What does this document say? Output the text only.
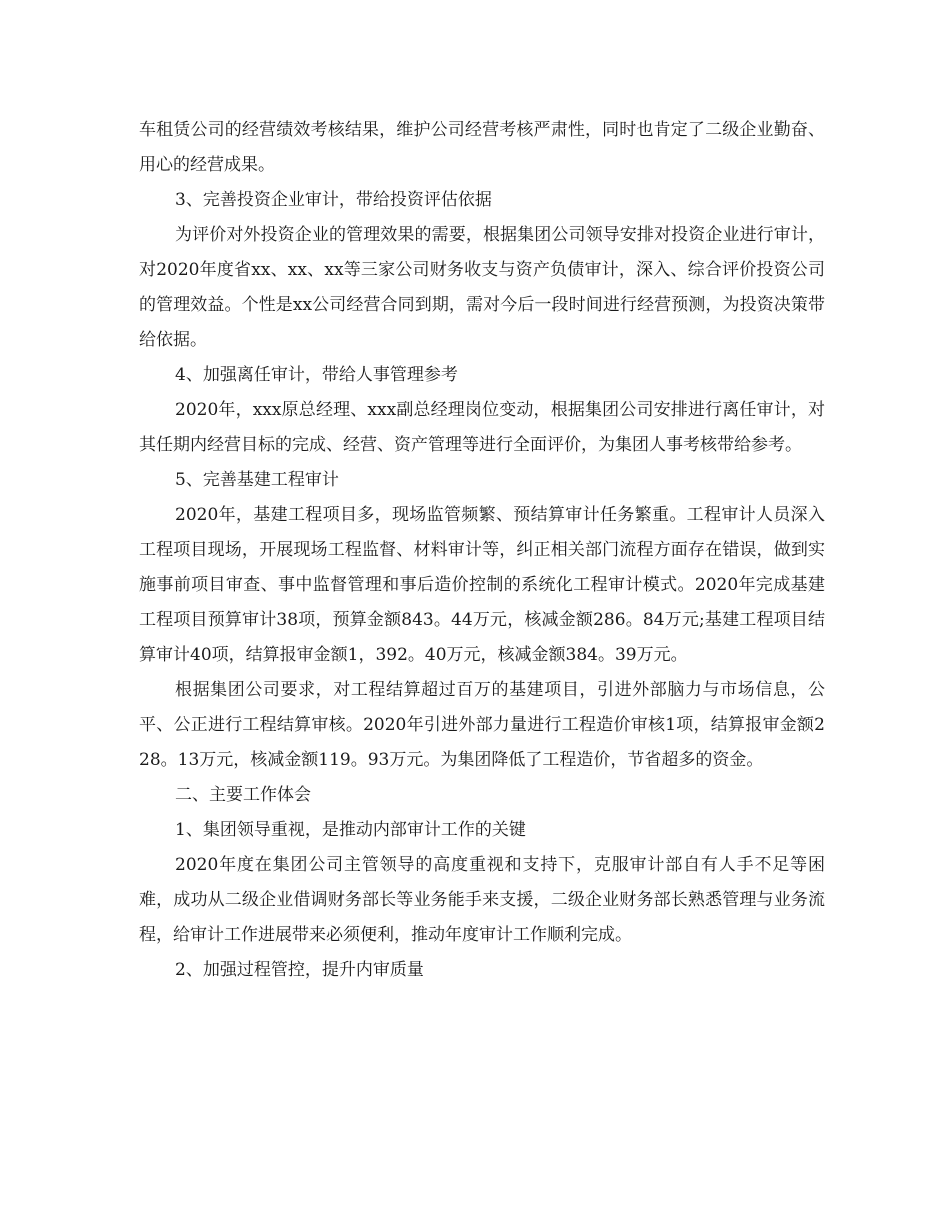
车租赁公司的经营绩效考核结果，维护公司经营考核严肃性，同时也肯定了二级企业勤奋、用心的经营成果。

3、完善投资企业审计，带给投资评估依据

为评价对外投资企业的管理效果的需要，根据集团公司领导安排对投资企业进行审计，对2020年度省xx、xx、xx等三家公司财务收支与资产负债审计，深入、综合评价投资公司的管理效益。个性是xx公司经营合同到期，需对今后一段时间进行经营预测，为投资决策带给依据。

4、加强离任审计，带给人事管理参考

2020年，xxx原总经理、xxx副总经理岗位变动，根据集团公司安排进行离任审计，对其任期内经营目标的完成、经营、资产管理等进行全面评价，为集团人事考核带给参考。

5、完善基建工程审计

2020年，基建工程项目多，现场监管频繁、预结算审计任务繁重。工程审计人员深入工程项目现场，开展现场工程监督、材料审计等，纠正相关部门流程方面存在错误，做到实施事前项目审查、事中监督管理和事后造价控制的系统化工程审计模式。2020年完成基建工程项目预算审计38项，预算金额843。44万元，核减金额286。84万元;基建工程项目结算审计40项，结算报审金额1，392。40万元，核减金额384。39万元。

根据集团公司要求，对工程结算超过百万的基建项目，引进外部脑力与市场信息，公平、公正进行工程结算审核。2020年引进外部力量进行工程造价审核1项，结算报审金额228。13万元，核减金额119。93万元。为集团降低了工程造价，节省超多的资金。

二、主要工作体会

1、集团领导重视，是推动内部审计工作的关键

2020年度在集团公司主管领导的高度重视和支持下，克服审计部自有人手不足等困难，成功从二级企业借调财务部长等业务能手来支援，二级企业财务部长熟悉管理与业务流程，给审计工作进展带来必须便利，推动年度审计工作顺利完成。

2、加强过程管控，提升内审质量
